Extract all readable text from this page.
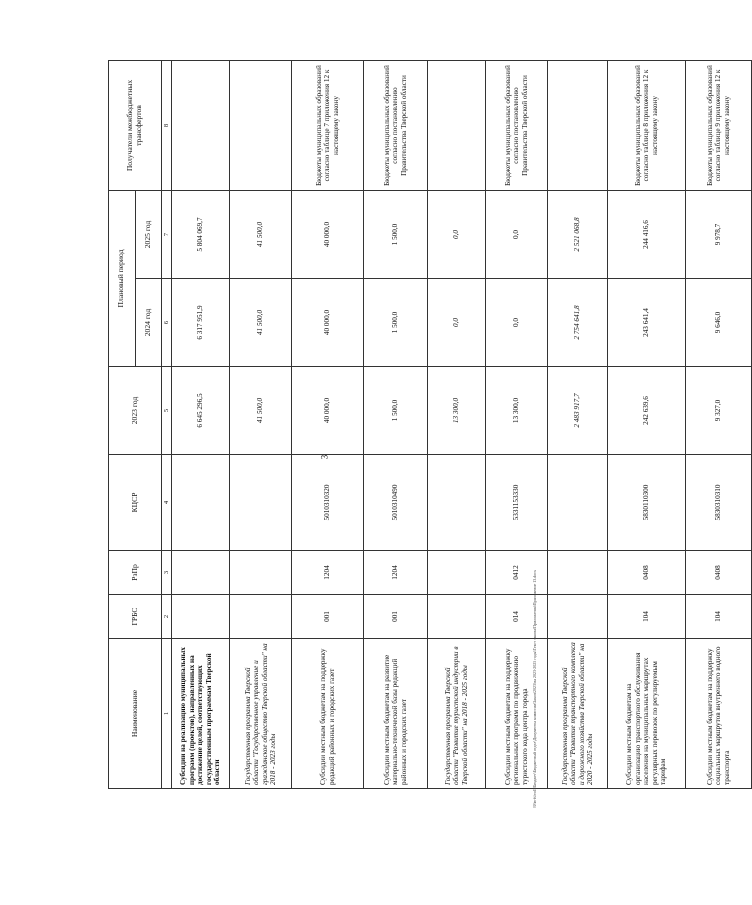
3
Наименование	ГРБС	РзПр	КЦСР	2023 год	Плановый период		Получатели межбюджетных трансфертов
					2024 год	2025 год	
1	2	3	4	5	6	7	8
Субсидии на реализацию муниципальных программ (проектов), направленных на достижение целей, соответствующих государственным программам Тверской области				6 645 296,5	6 317 951,9	5 804 069,7	
Государственная программа Тверской области "Государственное управление и гражданское общество Тверской области" на 2018 - 2023 годы				41 500,0	41 500,0	41 500,0	
Субсидии местным бюджетам на поддержку редакций районных и городских газет	001	1204	5010310320	40 000,0	40 000,0	40 000,0	Бюджеты муниципальных образований согласно таблице 7 приложения 12 к настоящему закону
Субсидии местным бюджетам на развитие материально-технической базы редакций районных и городских газет	001	1204	5010310490	1 500,0	1 500,0	1 500,0	Бюджеты муниципальных образований согласно постановлению Правительства Тверской области
Государственная программа Тверской области "Развитие туристской индустрии в Тверской области" на 2018 - 2025 годы				13 300,0	0,0	0,0	
Субсидии местным бюджетам на поддержку региональных программ по продвижению туристского кода центра города	014	0412	5331153330	13 300,0	0,0	0,0	Бюджеты муниципальных образований согласно постановлению Правительства Тверской области
Государственная программа Тверской области "Развитие транспортного комплекса и дорожного хозяйства Тверской области" на 2020 - 2025 годы				2 483 917,7	2 754 641,8	2 521 068,8	
Субсидии местным бюджетам на организацию транспортного обслуживания населения на муниципальных маршрутах регулярных перевозок по регулируемым тарифам	104	0408	5830110300	242 639,6	243 641,4	244 416,6	Бюджеты муниципальных образований согласно таблице 8 приложения 12 к настоящему закону
Субсидии местным бюджетам на поддержку социальных маршрутов внутреннего водного транспорта	104	0408	5830310310	9 327,0	9 646,0	9 978,7	Бюджеты муниципальных образований согласно таблице 9 приложения 12 к настоящему закону
\\Fin-fs\vol1\Бюджет\Бюджетный отдел\Документы комиссии\Закон\2023\на 2023-2025 годы\Текст закона\Приложения\Приложение 13.docx
